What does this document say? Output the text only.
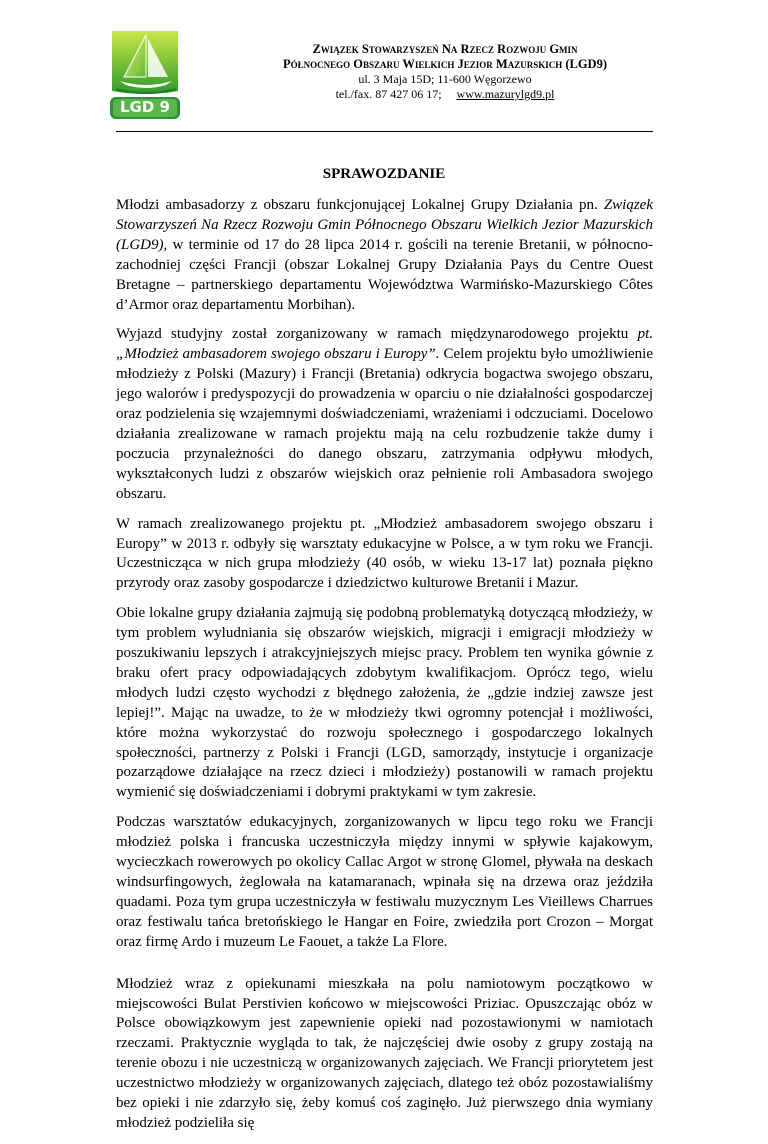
LGD 9
Związek Stowarzyszeń Na Rzecz Rozwoju Gmin
Północnego Obszaru Wielkich Jezior Mazurskich (LGD9)
ul. 3 Maja 15D; 11-600 Węgorzewo
tel./fax. 87 427 06 17; www.mazurylgd9.pl
SPRAWOZDANIE

Młodzi ambasadorzy z obszaru funkcjonującej Lokalnej Grupy Działania pn. Związek Stowarzyszeń Na Rzecz Rozwoju Gmin Północnego Obszaru Wielkich Jezior Mazurskich (LGD9), w terminie od 17 do 28 lipca 2014 r. gościli na terenie Bretanii, w północno-zachodniej części Francji (obszar Lokalnej Grupy Działania Pays du Centre Ouest Bretagne – partnerskiego departamentu Województwa Warmińsko-Mazurskiego Côtes d’Armor oraz departamentu Morbihan).

Wyjazd studyjny został zorganizowany w ramach międzynarodowego projektu pt. „Młodzież ambasadorem swojego obszaru i Europy”. Celem projektu było umożliwienie młodzieży z Polski (Mazury) i Francji (Bretania) odkrycia bogactwa swojego obszaru, jego walorów i predyspozycji do prowadzenia w oparciu o nie działalności gospodarczej oraz podzielenia się wzajemnymi doświadczeniami, wrażeniami i odczuciami. Docelowo działania zrealizowane w ramach projektu mają na celu rozbudzenie także dumy i poczucia przynależności do danego obszaru, zatrzymania odpływu młodych, wykształconych ludzi z obszarów wiejskich oraz pełnienie roli Ambasadora swojego obszaru.

W ramach zrealizowanego projektu pt. „Młodzież ambasadorem swojego obszaru i Europy” w 2013 r. odbyły się warsztaty edukacyjne w Polsce, a w tym roku we Francji. Uczestnicząca w nich grupa młodzieży (40 osób, w wieku 13-17 lat) poznała piękno przyrody oraz zasoby gospodarcze i dziedzictwo kulturowe Bretanii i Mazur.

Obie lokalne grupy działania zajmują się podobną problematyką dotyczącą młodzieży, w tym problem wyludniania się obszarów wiejskich, migracji i emigracji młodzieży w poszukiwaniu lepszych i atrakcyjniejszych miejsc pracy. Problem ten wynika gównie z braku ofert pracy odpowiadających zdobytym kwalifikacjom. Oprócz tego, wielu młodych ludzi często wychodzi z błędnego założenia, że „gdzie indziej zawsze jest lepiej!”. Mając na uwadze, to że w młodzieży tkwi ogromny potencjał i możliwości, które można wykorzystać do rozwoju społecznego i gospodarczego lokalnych społeczności, partnerzy z Polski i Francji (LGD, samorządy, instytucje i organizacje pozarządowe działające na rzecz dzieci i młodzieży) postanowili w ramach projektu wymienić się doświadczeniami i dobrymi praktykami w tym zakresie.

Podczas warsztatów edukacyjnych, zorganizowanych w lipcu tego roku we Francji młodzież polska i francuska uczestniczyła między innymi w spływie kajakowym, wycieczkach rowerowych po okolicy Callac Argot w stronę Glomel, pływała na deskach windsurfingowych, żeglowała na katamaranach, wpinała się na drzewa oraz jeździła quadami. Poza tym grupa uczestniczyła w festiwalu muzycznym Les Vieillews Charrues oraz festiwalu tańca bretońskiego le Hangar en Foire, zwiedziła port Crozon – Morgat oraz firmę Ardo i muzeum Le Faouet, a także La Flore.

Młodzież wraz z opiekunami mieszkała na polu namiotowym początkowo w miejscowości Bulat Perstivien końcowo w miejscowości Priziac. Opuszczając obóz w Polsce obowiązkowym jest zapewnienie opieki nad pozostawionymi w namiotach rzeczami. Praktycznie wygląda to tak, że najczęściej dwie osoby z grupy zostają na terenie obozu i nie uczestniczą w organizowanych zajęciach. We Francji priorytetem jest uczestnictwo młodzieży w organizowanych zajęciach, dlatego też obóz pozostawialiśmy bez opieki i nie zdarzyło się, żeby komuś coś zaginęło. Już pierwszego dnia wymiany młodzież podzieliła się
